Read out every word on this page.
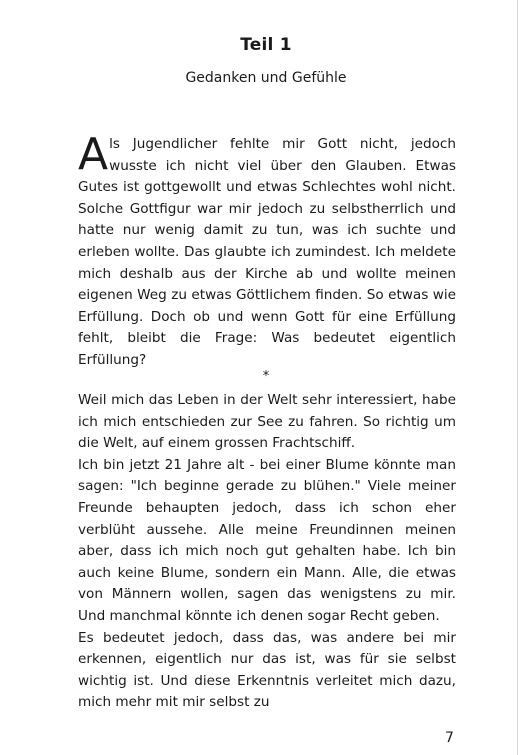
Teil 1
Gedanken und Gefühle

Als Jugendlicher fehlte mir Gott nicht, jedoch wusste ich nicht viel über den Glauben. Etwas Gutes ist gottgewollt und etwas Schlechtes wohl nicht. Solche Gottfigur war mir jedoch zu selbstherrlich und hatte nur wenig damit zu tun, was ich suchte und erleben wollte. Das glaubte ich zumindest. Ich meldete mich deshalb aus der Kirche ab und wollte meinen eigenen Weg zu etwas Göttlichem finden. So etwas wie Erfüllung. Doch ob und wenn Gott für eine Erfüllung fehlt, bleibt die Frage: Was bedeutet eigentlich Erfüllung?

*
Weil mich das Leben in der Welt sehr interessiert, habe ich mich entschieden zur See zu fahren. So richtig um die Welt, auf einem grossen Frachtschiff.
Ich bin jetzt 21 Jahre alt - bei einer Blume könnte man sagen: "Ich beginne gerade zu blühen." Viele meiner Freunde behaupten jedoch, dass ich schon eher verblüht aussehe. Alle meine Freundinnen meinen aber, dass ich mich noch gut gehalten habe. Ich bin auch keine Blume, sondern ein Mann. Alle, die etwas von Männern wollen, sagen das wenigstens zu mir. Und manchmal könnte ich denen sogar Recht geben.
Es bedeutet jedoch, dass das, was andere bei mir erkennen, eigentlich nur das ist, was für sie selbst wichtig ist. Und diese Erkenntnis verleitet mich dazu, mich mehr mit mir selbst zu
7
